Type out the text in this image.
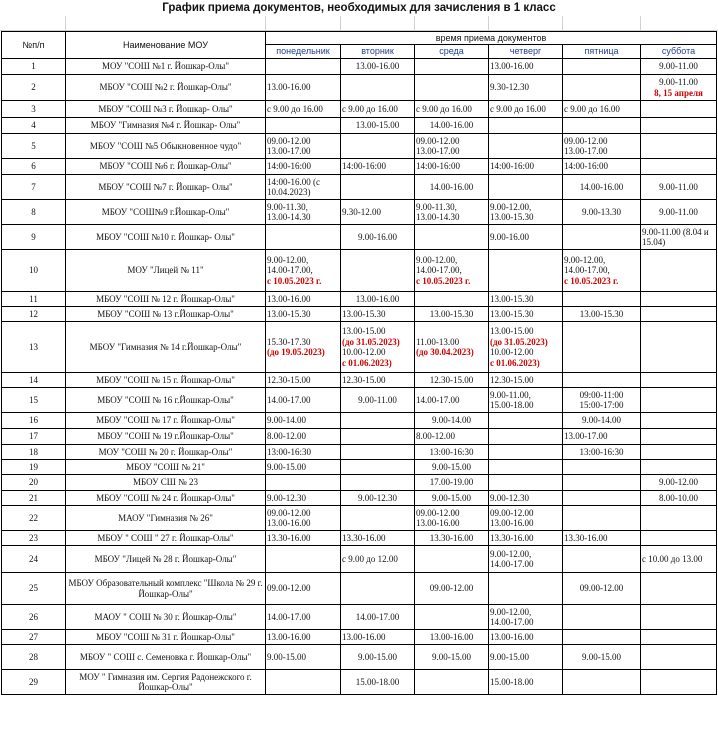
График приема документов, необходимых для зачисления в 1 класс
№п/п	Наименование МОУ	время приема документов					
		понедельник	вторник	среда	четверг	пятница	суббота
1	МОУ "СОШ №1 г. Йошкар-Олы"		13.00-16.00		13.00-16.00		9.00-11.00

2	МБОУ "СОШ №2 г. Йошкар-Олы"	13.00-16.00			9.30-12.30		9.00-11.00
8, 15 апреля

3	МБОУ "СОШ №3 г. Йошкар- Олы"	с 9.00 до 16.00	с 9.00 до 16.00	с 9.00 до 16.00	с 9.00 до 16.00	с 9.00 до 16.00	

4	МБОУ "Гимназия №4 г. Йошкар- Олы"		13.00-15.00	14.00-16.00			

5	МБОУ "СОШ №5 Обыкновенное чудо"	09.00-12.00
13.00-17.00		09.00-12.00
13.00-17.00		09.00-12.00
13.00-17.00	

6	МБОУ "СОШ №6 г. Йошкар-Олы"	14:00-16:00	14:00-16:00	14:00-16:00	14:00-16:00	14:00-16:00	

7	МБОУ "СОШ №7 г. Йошкар- Олы"	14:00-16.00 (с 10.04.2023)		14.00-16.00		14.00-16.00	9.00-11.00

8	МБОУ "СОШ№9 г.Йошкар-Олы"	9.00-11.30,
13.00-14.30	9.30-12.00	9.00-11.30,
13.00-14.30	9.00-12.00,
13.00-15.30	9.00-13.30	9.00-11.00

9	МБОУ "СОШ №10 г. Йошкар- Олы"		9.00-16.00		9.00-16.00		9.00-11.00 (8.04 и 15.04)

10	МОУ "Лицей № 11"	9.00-12.00,
14.00-17.00,
с 10.05.2023 г.		9.00-12.00,
14.00-17.00,
с 10.05.2023 г.		9.00-12.00,
14.00-17.00,
с 10.05.2023 г.	

11	МБОУ "СОШ № 12 г. Йошкар-Олы"	13.00-16.00	13.00-16.00		13.00-15.30		

12	МБОУ "СОШ № 13 г.Йошкар-Олы"	13.00-15.30	13.00-15.30	13.00-15.30	13.00-15.30	13.00-15.30	

13	МБОУ "Гимназия № 14 г.Йошкар-Олы"	15.30-17.30
(до 19.05.2023)	13.00-15.00
(до 31.05.2023)
10.00-12.00
с 01.06.2023)	11.00-13.00
(до 30.04.2023)	13.00-15.00
(до 31.05.2023)
10.00-12.00
с 01.06.2023)		

14	МБОУ "СОШ № 15 г. Йошкар-Олы"	12.30-15.00	12.30-15.00	12.30-15.00	12.30-15.00		

15	МБОУ "СОШ № 16 г.Йошкар-Олы"	14.00-17.00	9.00-11.00	14.00-17.00	9.00-11.00,
15.00-18.00	09:00-11:00
15:00-17:00	

16	МБОУ "СОШ № 17 г. Йошкар-Олы"	9.00-14.00		9.00-14.00		9.00-14.00	

17	МБОУ "СОШ № 19 г.Йошкар-Олы"	8.00-12.00		8.00-12.00		13.00-17.00	

18	МОУ "СОШ № 20 г. Йошкар-Олы"	13:00-16:30		13:00-16:30		13:00-16:30	

19	МБОУ "СОШ № 21"	9.00-15.00		9.00-15.00			

20	МБОУ СШ № 23			17.00-19.00			9.00-12.00

21	МБОУ "СОШ № 24 г. Йошкар-Олы"	9.00-12.30	9.00-12.30	9.00-15.00	9.00-12.30		8.00-10.00

22	МАОУ "Гимназия № 26"	09.00-12.00
13.00-16.00		09.00-12.00
13.00-16.00	09.00-12.00
13.00-16.00		

23	МБОУ " СОШ " 27 г. Йошкар-Олы"	13.30-16.00	13.30-16.00	13.30-16.00	13.30-16.00	13.30-16.00	

24	МБОУ "Лицей № 28 г. Йошкар-Олы"		с 9.00 до 12.00		9.00-12.00,
14.00-17.00		с 10.00 до 13.00

25	МБОУ Образовательный комплекс "Школа № 29 г. Йошкар-Олы"	09.00-12.00		09.00-12.00		09.00-12.00	

26	МАОУ " СОШ № 30 г. Йошкар-Олы"	14.00-17.00	14.00-17.00		9.00-12.00,
14.00-17.00		

27	МБОУ "СОШ № 31 г. Йошкар-Олы"	13.00-16.00	13.00-16.00	13.00-16.00	13.00-16.00		

28	МБОУ " СОШ с. Семеновка г. Йошкар-Олы"	9.00-15.00	9.00-15.00	9.00-15.00	9.00-15.00	9.00-15.00	

29	МОУ " Гимназия им. Сергия Радонежского г. Йошкар-Олы"		15.00-18.00		15.00-18.00		
